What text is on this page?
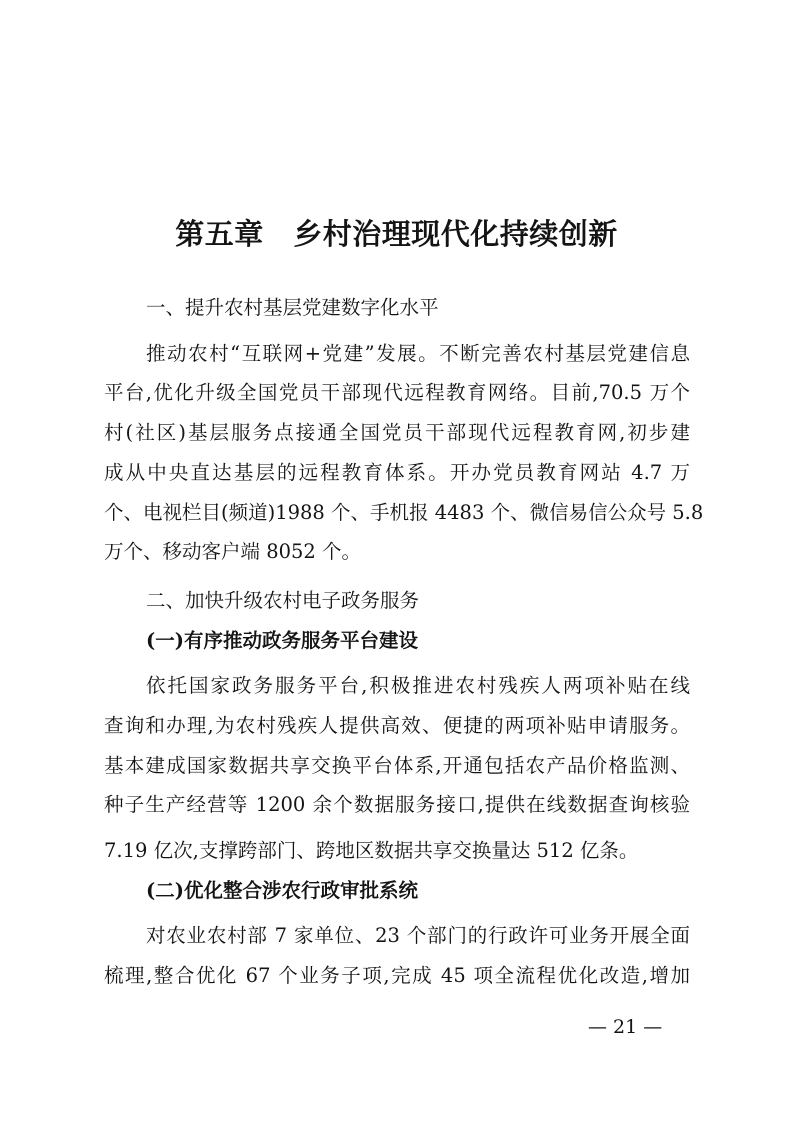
第五章　乡村治理现代化持续创新
一、提升农村基层党建数字化水平
推动农村“互联网+党建”发展。不断完善农村基层党建信息
平台,优化升级全国党员干部现代远程教育网络。目前,70.5 万个
村(社区)基层服务点接通全国党员干部现代远程教育网,初步建
成从中央直达基层的远程教育体系。开办党员教育网站 4.7 万
个、电视栏目(频道)1988 个、手机报 4483 个、微信易信公众号 5.8
万个、移动客户端 8052 个。
二、加快升级农村电子政务服务
(一)有序推动政务服务平台建设
依托国家政务服务平台,积极推进农村残疾人两项补贴在线
查询和办理,为农村残疾人提供高效、便捷的两项补贴申请服务。
基本建成国家数据共享交换平台体系,开通包括农产品价格监测、
种子生产经营等 1200 余个数据服务接口,提供在线数据查询核验
7.19 亿次,支撑跨部门、跨地区数据共享交换量达 512 亿条。
(二)优化整合涉农行政审批系统
对农业农村部 7 家单位、23 个部门的行政许可业务开展全面
梳理,整合优化 67 个业务子项,完成 45 项全流程优化改造,增加
— 21 —
